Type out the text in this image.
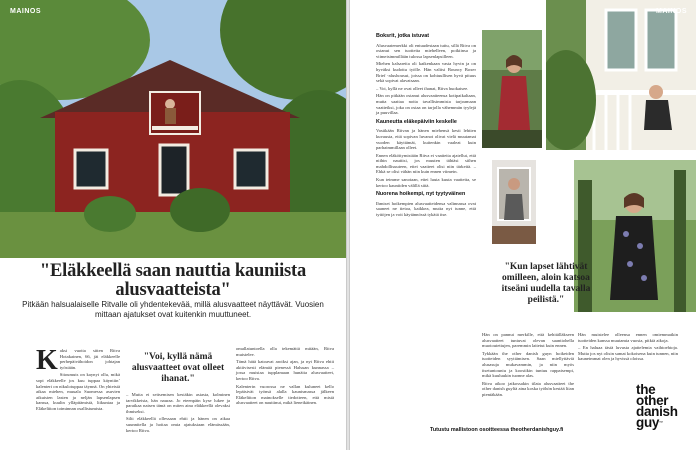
MAINOS
"Eläkkeellä saan nauttia kauniista alusvaatteista"
Pitkään halsualaiselle Ritvalle oli yhdentekevää, millä alusvaatteet näyttävät. Vuosien mittaan ajatukset ovat kuitenkin muuttuneet.
K aksi vuotta sitten Ritva Hotakainen, 66, jäi eläkkeelle perhepäivähoidon johtajan työstään.

Sitoumuts on kaynyt ollu, mikä sopi eläkkeelle jos kuu tuppaa käyntiin’ kalenteri on nikulotuppaa täynnä. On yhteistä aikaa miehen, muuala Suomessa asuvien aikuisten lasten ja neljän lapsenlapsen kanssa, kuulin ylläpitämistä, liikuntaa ja Eläkeliiton toiminnan osallistumista.

"Voi, kyllä nämä alusvaatteet ovat olleet ihanat."

– Mutta ei seitsemisen kestäkin asiasta, kolminen tarvikkeista, hän nauraa. Jo eteenpäin kyse lukee ja paraikaa naisen tämä on miten aina eläkkeellä olevaksi ihmiseksi.

Silti eläkkeellä ollessaan ehtii ja hänen on aikaa suunnitella ja hoitaa omia ajatuksiaan elämässään, kertoo Ritva.

omallatuntoella olla tekemättä mitään, Ritva muistelee.

Tämä hätä katoavat aroiksi ajan, ja nyt Ritva ehtii aktiivisesti elämää pienessä Halsuan kunnassa – jossa muistaa tupplamaan hunäita alusvaatteet, kertoo Ritva.

Kalenterin vuorossa ne vallan kuluneet kello lepäisivät työnsä alalla kaunismassa jälkeen Eläkeliiton mainokselle tiedotteen, että mistä alusvaatteet on nauttinut, mikä lieneikäinen.

Boksrit, jotka istuvat

Alusvaatemerkki oli entuudestaan tuttu, sillä Ritva on ostanut sen tuotteita miehelleen, poikiinsa ja viimeisimmillään tulossa lapsenlapsilleen.

Miehen kalsareita oli kaikenkaan vasta hyvin ja on hyväksi kudottu työlle. Hän valitsi Bouncy Boxer Brief -alushousut, joissa on kohtuullisen hyvä pituus sekä sopivat alavatsaan.

– Voi, kyllä ne ovat olleet ihanat, Ritva huokaisee.

Hän on pitkään ostanut alusvaatteensa kotipaikaltaan, mutta saattaa noita tavallisimmista tarjoamaan vaatteiksi, joka on ostaa on tarjolla vähemmän tyylejä ja puuvillaa.

Kauneutta eläkepäiviin keskelle

Vastikään Ritvan ja hänen miehensä kesti lehtien kuvausta, että sopivan luvanot olivat vielä muutamat vuoden käyttämät, kuitenkin vaaleat kuin parhaimmillaan olleet.

Ennen eläköitymistään Ritva ei vaatteita ajatellut, että niihin nauttisi, jos muuten tähtäsi siihen mahdollisuuteen, ettei vaatteet olisi niin tärkeitä. – Ehkä se olisi vähän niin kuin ennen viimein.

Kun teimme sanotaan, ettei luuta kuuta vaatteita, se kertoo kauniiden välillä siitä.

Nuorena hoikempi, nyt tyytyväinen

Ihmiset hoikempien alusvaatteidensa valinnassa ovat saaneet ne tietoa, kaikkea, mutta nyt tunne, että tyttöjen ja voit käytännössä tykätä itse.

MAINOS
"Kun lapset lähtivät omilleen, aloin katsoa itseäni uudella tavalla peilistä."

Hän on pannut merkille, että kehitälläkseen alusvaatteet tuntuvat olevan saantiohella muotoutettujen, paremmin laitetut kuin ennen.

Tykkään the other danish guyn hoikeiden tuotteiden syyttämisen. Saan miellyttäviä alusasuja mukavammin, ja niin myös itsetuntouniu ja koostikin tuntuu rappaisempi, mikä kuuluukin tuonne alas.

Ritva aikoo jatkossakin tilata alusvaatteet the other danish guyltä aina koska työhön kestää liian pientäkään.

Hän muistelee olleensa ennen omiemmatkin tuotteiden kanssa muutamia vuosia, pitkiä aikoja.

– En haluaa tästä luvusta ajattelemia vaihtoehtoja. Mutta jos nyt olisin samat kokoisena kuin tunnen, niin kauneimmat olen ja hyvissä oloissa.

Tutustu mallistoon osoitteessa theotherdanishguy.fi
the
other
danish
guy™
